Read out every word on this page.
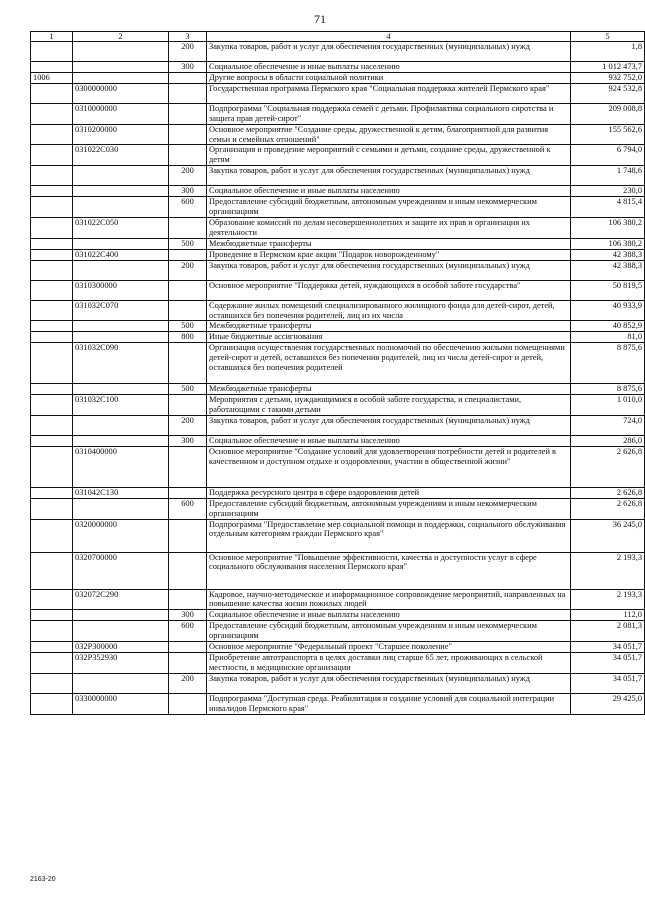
71
1	2	3	4	5
		200	Закупка товаров, работ и услуг для обеспечения государственных (муниципальных) нужд	1,8
		300	Социальное обеспечение и иные выплаты населению	1 012 473,7
1006			Другие вопросы в области социальной политики	932 752,0
	0300000000		Государственная программа Пермского края "Социальная поддержка жителей Пермского края"	924 532,8
	0310000000		Подпрограмма "Социальная поддержка семей с детьми. Профилактика социального сиротства и защита прав детей-сирот"	209 008,8
	0310200000		Основное мероприятие "Создание среды, дружественной к детям, благоприятной для развития семьи и семейных отношений"	155 562,6
	031022C030		Организация и проведение мероприятий с семьями и детьми, создание среды, дружественной к детям	6 794,0
		200	Закупка товаров, работ и услуг для обеспечения государственных (муниципальных) нужд	1 748,6
		300	Социальное обеспечение и иные выплаты населению	230,0
		600	Предоставление субсидий бюджетным, автономным учреждениям и иным некоммерческим организациям	4 815,4
	031022C050		Образование комиссий по делам несовершеннолетних и защите их прав и организация их деятельности	106 380,2
		500	Межбюджетные трансферты	106 380,2
	031022C400		Проведение в Пермском крае акции "Подарок новорожденному"	42 388,3
		200	Закупка товаров, работ и услуг для обеспечения государственных (муниципальных) нужд	42 388,3
	0310300000		Основное мероприятие "Поддержка детей, нуждающихся в особой заботе государства"	50 819,5
	031032C070		Содержание жилых помещений специализированного жилищного фонда для детей-сирот, детей, оставшихся без попечения родителей, лиц из их числа	40 933,9
		500	Межбюджетные трансферты	40 852,9
		800	Иные бюджетные ассигнования	81,0
	031032C090		Организация осуществления государственных полномочий по обеспечению жилыми помещениями детей-сирот и детей, оставшихся без попечения родителей, лиц из числа детей-сирот и детей, оставшихся без попечения родителей	8 875,6
		500	Межбюджетные трансферты	8 875,6
	031032C100		Мероприятия с детьми, нуждающимися в особой заботе государства, и специалистами, работающими с такими детьми	1 010,0
		200	Закупка товаров, работ и услуг для обеспечения государственных (муниципальных) нужд	724,0
		300	Социальное обеспечение и иные выплаты населению	286,0
	0310400000		Основное мероприятие "Создание условий для удовлетворения потребности детей и родителей в качественном и доступном отдыхе и оздоровлении, участии в общественной жизни"	2 626,8
	031042C130		Поддержка ресурсного центра в сфере оздоровления детей	2 626,8
		600	Предоставление субсидий бюджетным, автономным учреждениям и иным некоммерческим организациям	2 626,8
	0320000000		Подпрограмма "Предоставление мер социальной помощи и поддержки, социального обслуживания отдельным категориям граждан Пермского края"	36 245,0
	0320700000		Основное мероприятие "Повышение эффективности, качества и доступности услуг в сфере социального обслуживания населения Пермского края"	2 193,3
	032072C290		Кадровое, научно-методическое и информационное сопровождение мероприятий, направленных на повышение качества жизни пожилых людей	2 193,3
		300	Социальное обеспечение и иные выплаты населению	112,0
		600	Предоставление субсидий бюджетным, автономным учреждениям и иным некоммерческим организациям	2 081,3
	032P300000		Основное мероприятие "Федеральный проект "Старшее поколение"	34 051,7
	032P352930		Приобретение автотранспорта в целях доставки лиц старше 65 лет, проживающих в сельской местности, в медицинские организации	34 051,7
		200	Закупка товаров, работ и услуг для обеспечения государственных (муниципальных) нужд	34 051,7
	0330000000		Подпрограмма "Доступная среда. Реабилитация и создание условий для социальной интеграции инвалидов Пермского края"	29 425,0
2163-20
